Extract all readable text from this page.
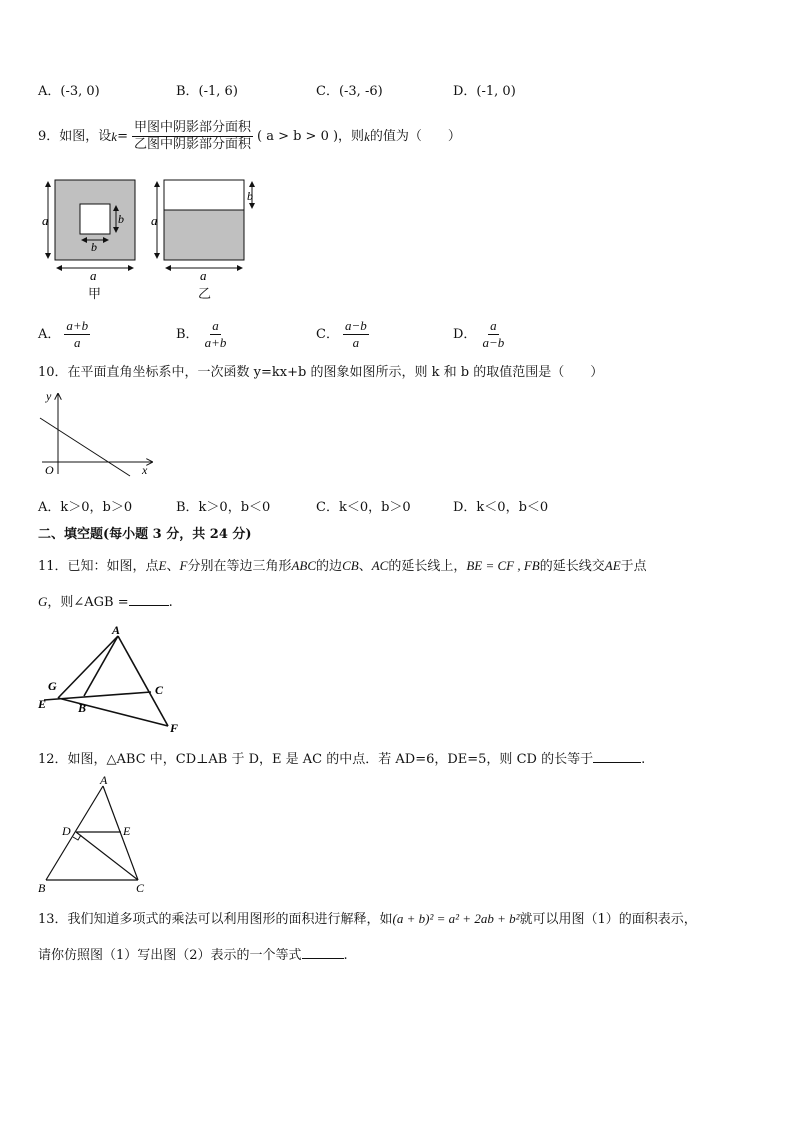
A．(-3, 0)	B．(-1, 6)	C．(-3, -6)	D．(-1, 0)
9．如图，设 $k = \frac{\text{甲图中阴影部分面积}}{\text{乙图中阴影部分面积}}$ ( a > b > 0 )，则 k 的值为（　　）
a
a
b
b
a
b
a
甲	乙
A． $\frac{a+b}{a}$	B． $\frac{a}{a+b}$	C． $\frac{a-b}{a}$	D． $\frac{a}{a-b}$
10．在平面直角坐标系中，一次函数 y=kx+b 的图象如图所示，则 k 和 b 的取值范围是（　　）
y
x
O
A．k＞0，b＞0	B．k＞0，b＜0	C．k＜0，b＞0	D．k＜0，b＜0
二、填空题(每小题 3 分，共 24 分)
11．已知：如图，点E、F分别在等边三角形ABC的边CB、AC的延长线上，BE = CF , FB的延长线交AE于点
G，则∠AGB =	.
A
G	C
E	B
F
12．如图，△ABC 中，CD⊥AB 于 D，E 是 AC 的中点．若 AD=6，DE=5，则 CD 的长等于	.
A
D	E
B	C
13．我们知道多项式的乘法可以利用图形的面积进行解释，如(a + b)² = a² + 2ab + b²就可以用图（1）的面积表示，
请你仿照图（1）写出图（2）表示的一个等式	.
